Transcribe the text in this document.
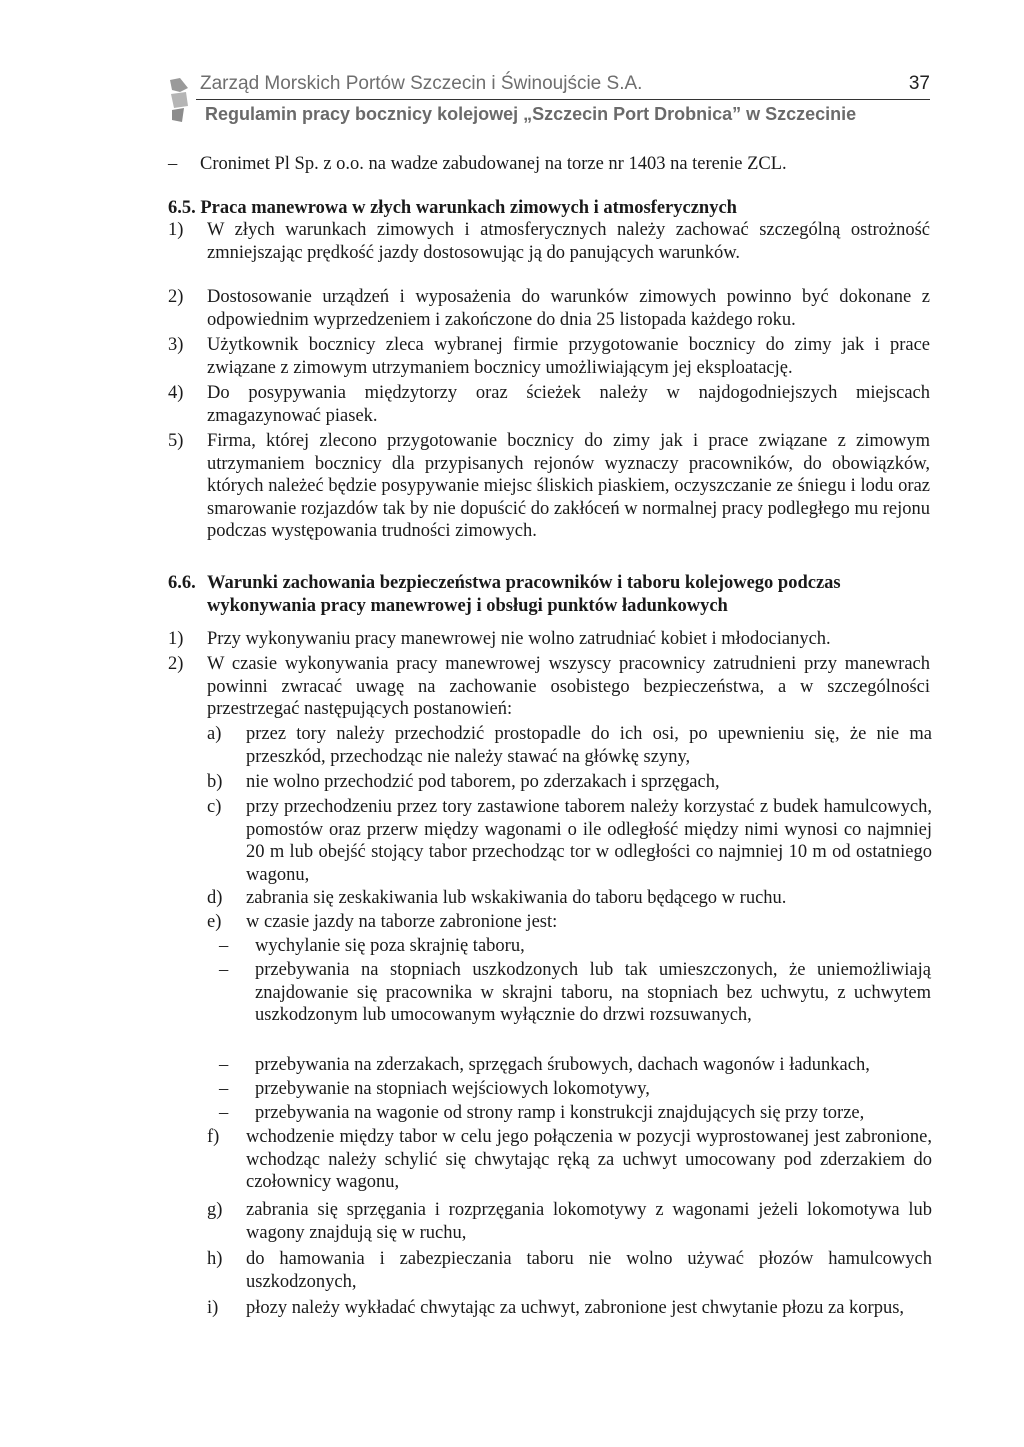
Zarząd Morskich Portów Szczecin i Świnoujście S.A.	37
Regulamin pracy bocznicy kolejowej „Szczecin Port Drobnica” w Szczecinie
– Cronimet Pl Sp. z o.o. na wadze zabudowanej na torze nr 1403 na terenie ZCL.
6.5. Praca manewrowa w złych warunkach zimowych i atmosferycznych
1) W złych warunkach zimowych i atmosferycznych należy zachować szczególną ostrożność zmniejszając prędkość jazdy dostosowując ją do panujących warunków.
2) Dostosowanie urządzeń i wyposażenia do warunków zimowych powinno być dokonane z odpowiednim wyprzedzeniem i zakończone do dnia 25 listopada każdego roku.
3) Użytkownik bocznicy zleca wybranej firmie przygotowanie bocznicy do zimy jak i prace związane z zimowym utrzymaniem bocznicy umożliwiającym jej eksploatację.
4) Do posypywania międzytorzy oraz ścieżek należy w najdogodniejszych miejscach zmagazynować piasek.
5) Firma, której zlecono przygotowanie bocznicy do zimy jak i prace związane z zimowym utrzymaniem bocznicy dla przypisanych rejonów wyznaczy pracowników, do obowiązków, których należeć będzie posypywanie miejsc śliskich piaskiem, oczyszczanie ze śniegu i lodu oraz smarowanie rozjazdów tak by nie dopuścić do zakłóceń w normalnej pracy podległego mu rejonu podczas występowania trudności zimowych.
6.6. Warunki zachowania bezpieczeństwa pracowników i taboru kolejowego podczas
wykonywania pracy manewrowej i obsługi punktów ładunkowych
1) Przy wykonywaniu pracy manewrowej nie wolno zatrudniać kobiet i młodocianych.
2) W czasie wykonywania pracy manewrowej wszyscy pracownicy zatrudnieni przy manewrach powinni zwracać uwagę na zachowanie osobistego bezpieczeństwa, a w szczególności przestrzegać następujących postanowień:
a) przez tory należy przechodzić prostopadle do ich osi, po upewnieniu się, że nie ma przeszkód, przechodząc nie należy stawać na główkę szyny,
b) nie wolno przechodzić pod taborem, po zderzakach i sprzęgach,
c) przy przechodzeniu przez tory zastawione taborem należy korzystać z budek hamulcowych, pomostów oraz przerw między wagonami o ile odległość między nimi wynosi co najmniej 20 m lub obejść stojący tabor przechodząc tor w odległości co najmniej 10 m od ostatniego wagonu,
d) zabrania się zeskakiwania lub wskakiwania do taboru będącego w ruchu.
e) w czasie jazdy na taborze zabronione jest:
– wychylanie się poza skrajnię taboru,
– przebywania na stopniach uszkodzonych lub tak umieszczonych, że uniemożliwiają znajdowanie się pracownika w skrajni taboru, na stopniach bez uchwytu, z uchwytem uszkodzonym lub umocowanym wyłącznie do drzwi rozsuwanych,
– przebywania na zderzakach, sprzęgach śrubowych, dachach wagonów i ładunkach,
– przebywanie na stopniach wejściowych lokomotywy,
– przebywania na wagonie od strony ramp i konstrukcji znajdujących się przy torze,
f) wchodzenie między tabor w celu jego połączenia w pozycji wyprostowanej jest zabronione, wchodząc należy schylić się chwytając ręką za uchwyt umocowany pod zderzakiem do czołownicy wagonu,
g) zabrania się sprzęgania i rozprzęgania lokomotywy z wagonami jeżeli lokomotywa lub wagony znajdują się w ruchu,
h) do hamowania i zabezpieczania taboru nie wolno używać płozów hamulcowych uszkodzonych,
i) płozy należy wykładać chwytając za uchwyt, zabronione jest chwytanie płozu za korpus,
